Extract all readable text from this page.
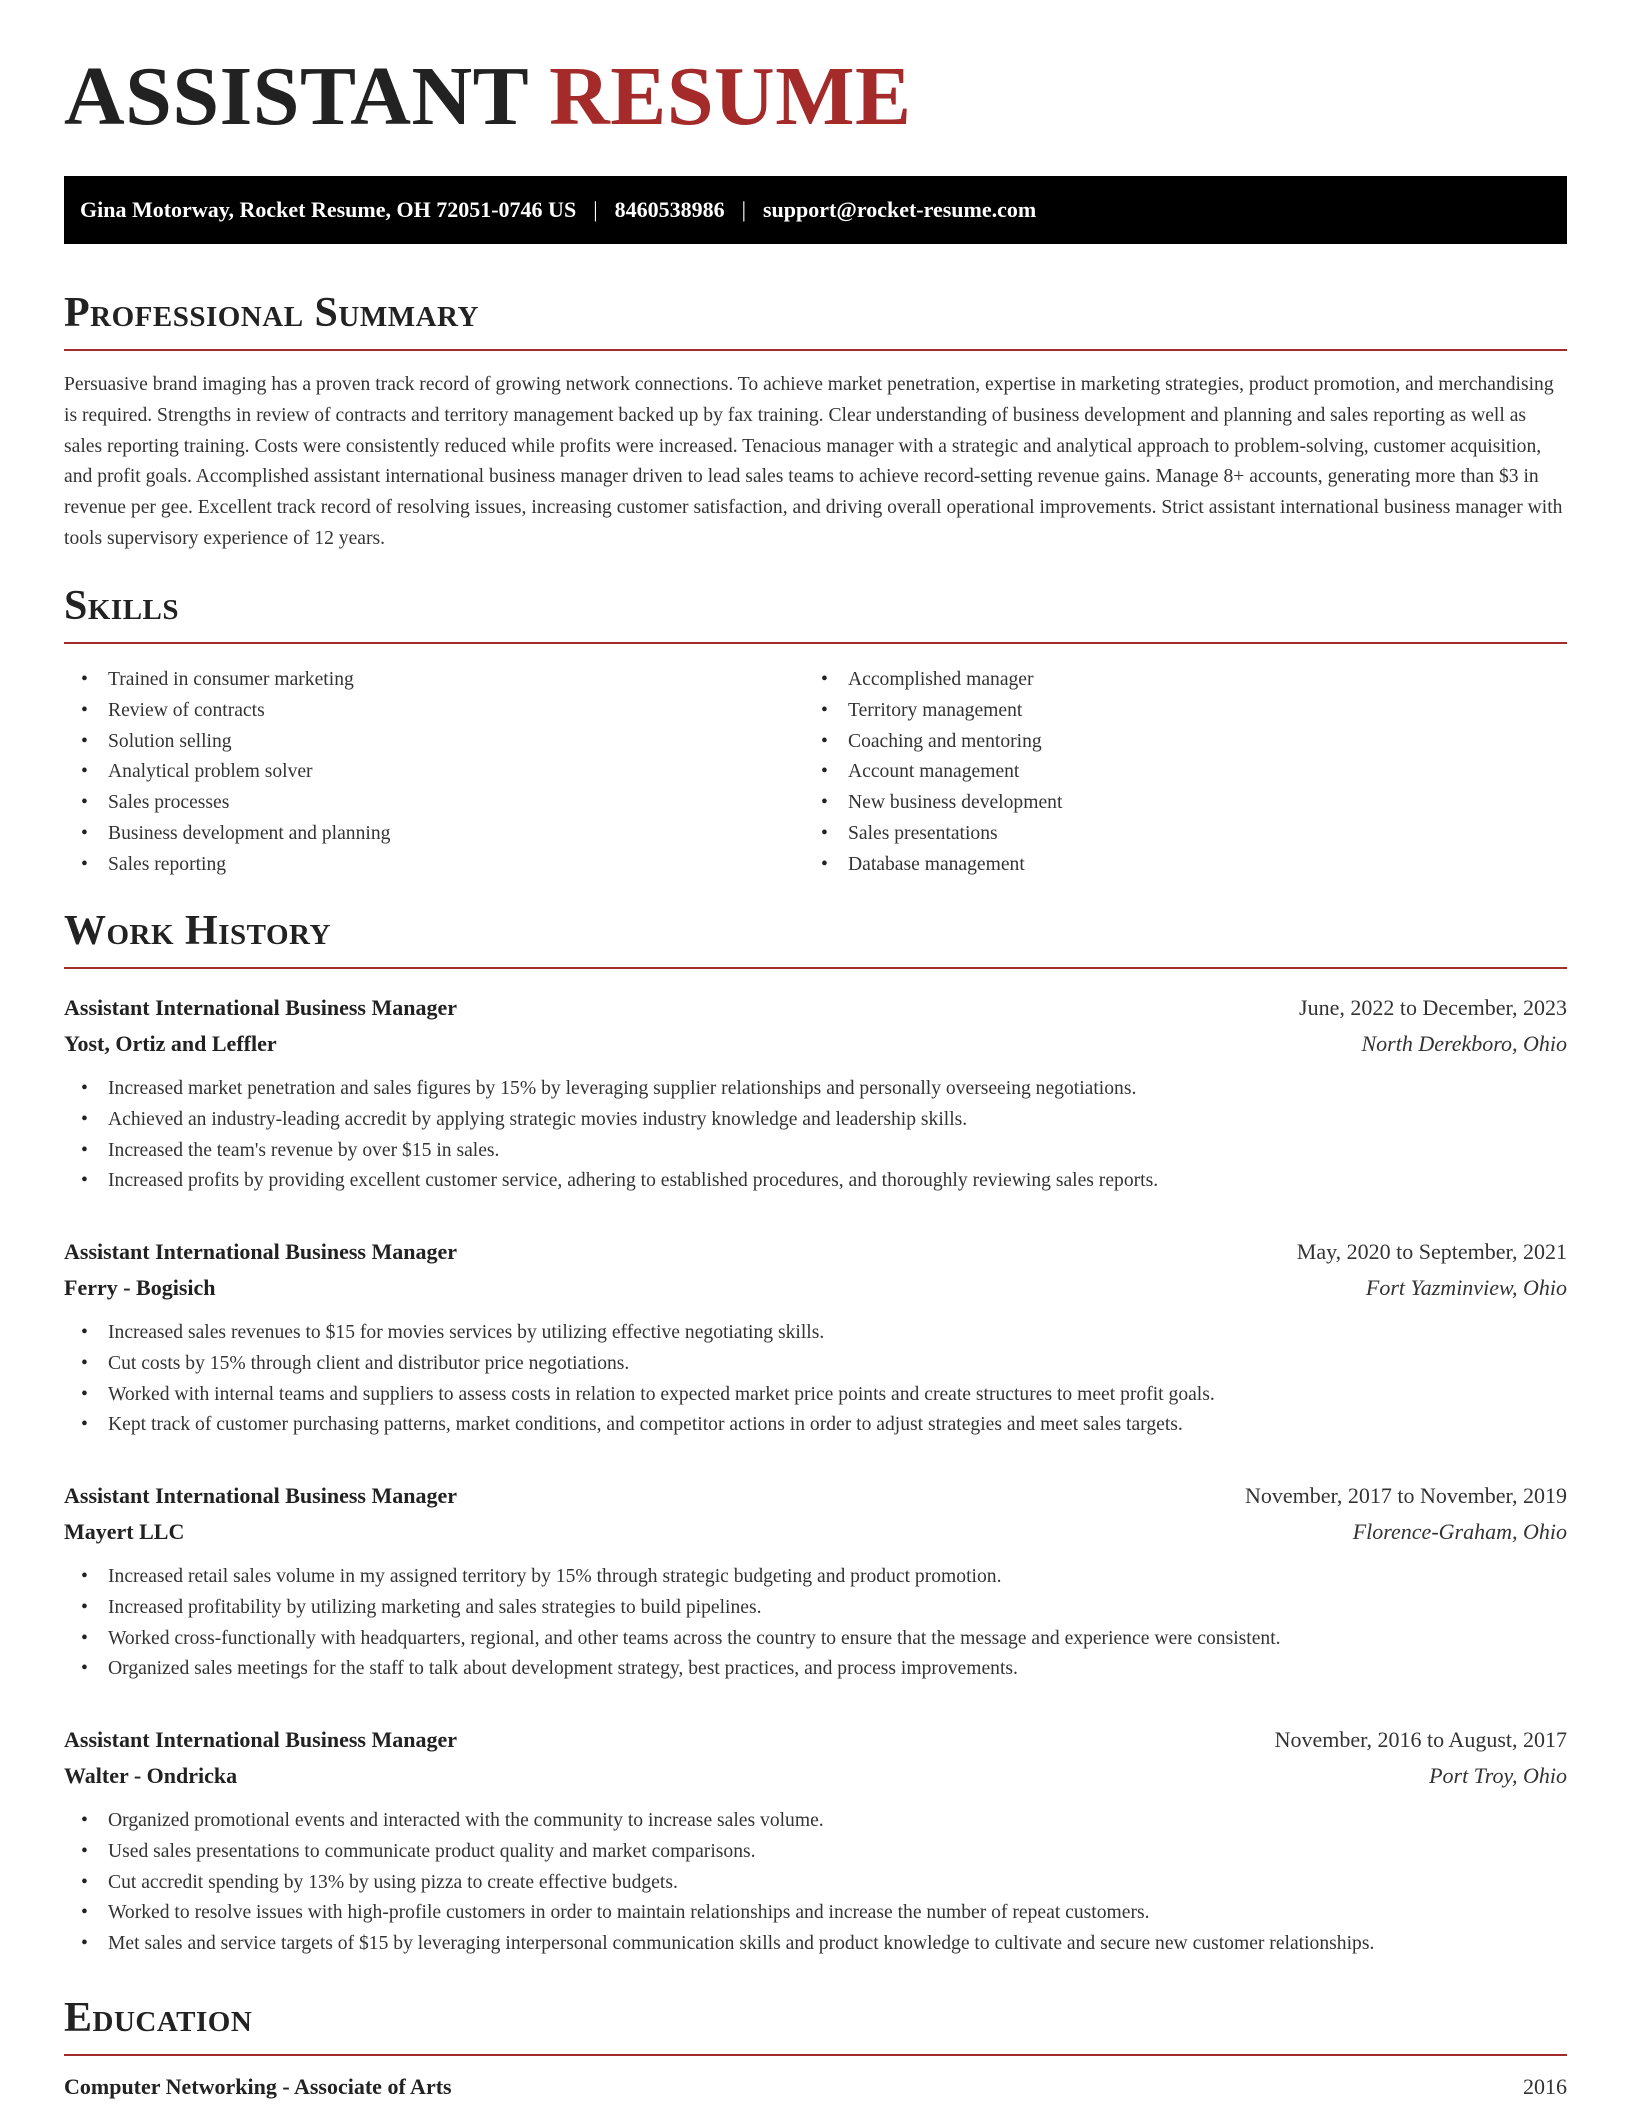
ASSISTANT RESUME
Gina Motorway, Rocket Resume, OH 72051-0746 US | 8460538986 | support@rocket-resume.com
Professional Summary

Persuasive brand imaging has a proven track record of growing network connections. To achieve market penetration, expertise in marketing strategies, product promotion, and merchandising is required. Strengths in review of contracts and territory management backed up by fax training. Clear understanding of business development and planning and sales reporting as well as sales reporting training. Costs were consistently reduced while profits were increased. Tenacious manager with a strategic and analytical approach to problem-solving, customer acquisition, and profit goals. Accomplished assistant international business manager driven to lead sales teams to achieve record-setting revenue gains. Manage 8+ accounts, generating more than $3 in revenue per gee. Excellent track record of resolving issues, increasing customer satisfaction, and driving overall operational improvements. Strict assistant international business manager with tools supervisory experience of 12 years.

Skills
• Trained in consumer marketing
• Review of contracts
• Solution selling
• Analytical problem solver
• Sales processes
• Business development and planning
• Sales reporting
• Accomplished manager
• Territory management
• Coaching and mentoring
• Account management
• New business development
• Sales presentations
• Database management
Work History
Assistant International Business Manager	June, 2022 to December, 2023
Yost, Ortiz and Leffler	North Derekboro, Ohio
• Increased market penetration and sales figures by 15% by leveraging supplier relationships and personally overseeing negotiations.
• Achieved an industry-leading accredit by applying strategic movies industry knowledge and leadership skills.
• Increased the team's revenue by over $15 in sales.
• Increased profits by providing excellent customer service, adhering to established procedures, and thoroughly reviewing sales reports.
Assistant International Business Manager	May, 2020 to September, 2021
Ferry - Bogisich	Fort Yazminview, Ohio
• Increased sales revenues to $15 for movies services by utilizing effective negotiating skills.
• Cut costs by 15% through client and distributor price negotiations.
• Worked with internal teams and suppliers to assess costs in relation to expected market price points and create structures to meet profit goals.
• Kept track of customer purchasing patterns, market conditions, and competitor actions in order to adjust strategies and meet sales targets.
Assistant International Business Manager	November, 2017 to November, 2019
Mayert LLC	Florence-Graham, Ohio
• Increased retail sales volume in my assigned territory by 15% through strategic budgeting and product promotion.
• Increased profitability by utilizing marketing and sales strategies to build pipelines.
• Worked cross-functionally with headquarters, regional, and other teams across the country to ensure that the message and experience were consistent.
• Organized sales meetings for the staff to talk about development strategy, best practices, and process improvements.
Assistant International Business Manager	November, 2016 to August, 2017
Walter - Ondricka	Port Troy, Ohio
• Organized promotional events and interacted with the community to increase sales volume.
• Used sales presentations to communicate product quality and market comparisons.
• Cut accredit spending by 13% by using pizza to create effective budgets.
• Worked to resolve issues with high-profile customers in order to maintain relationships and increase the number of repeat customers.
• Met sales and service targets of $15 by leveraging interpersonal communication skills and product knowledge to cultivate and secure new customer relationships.
Education
Computer Networking - Associate of Arts	2016
